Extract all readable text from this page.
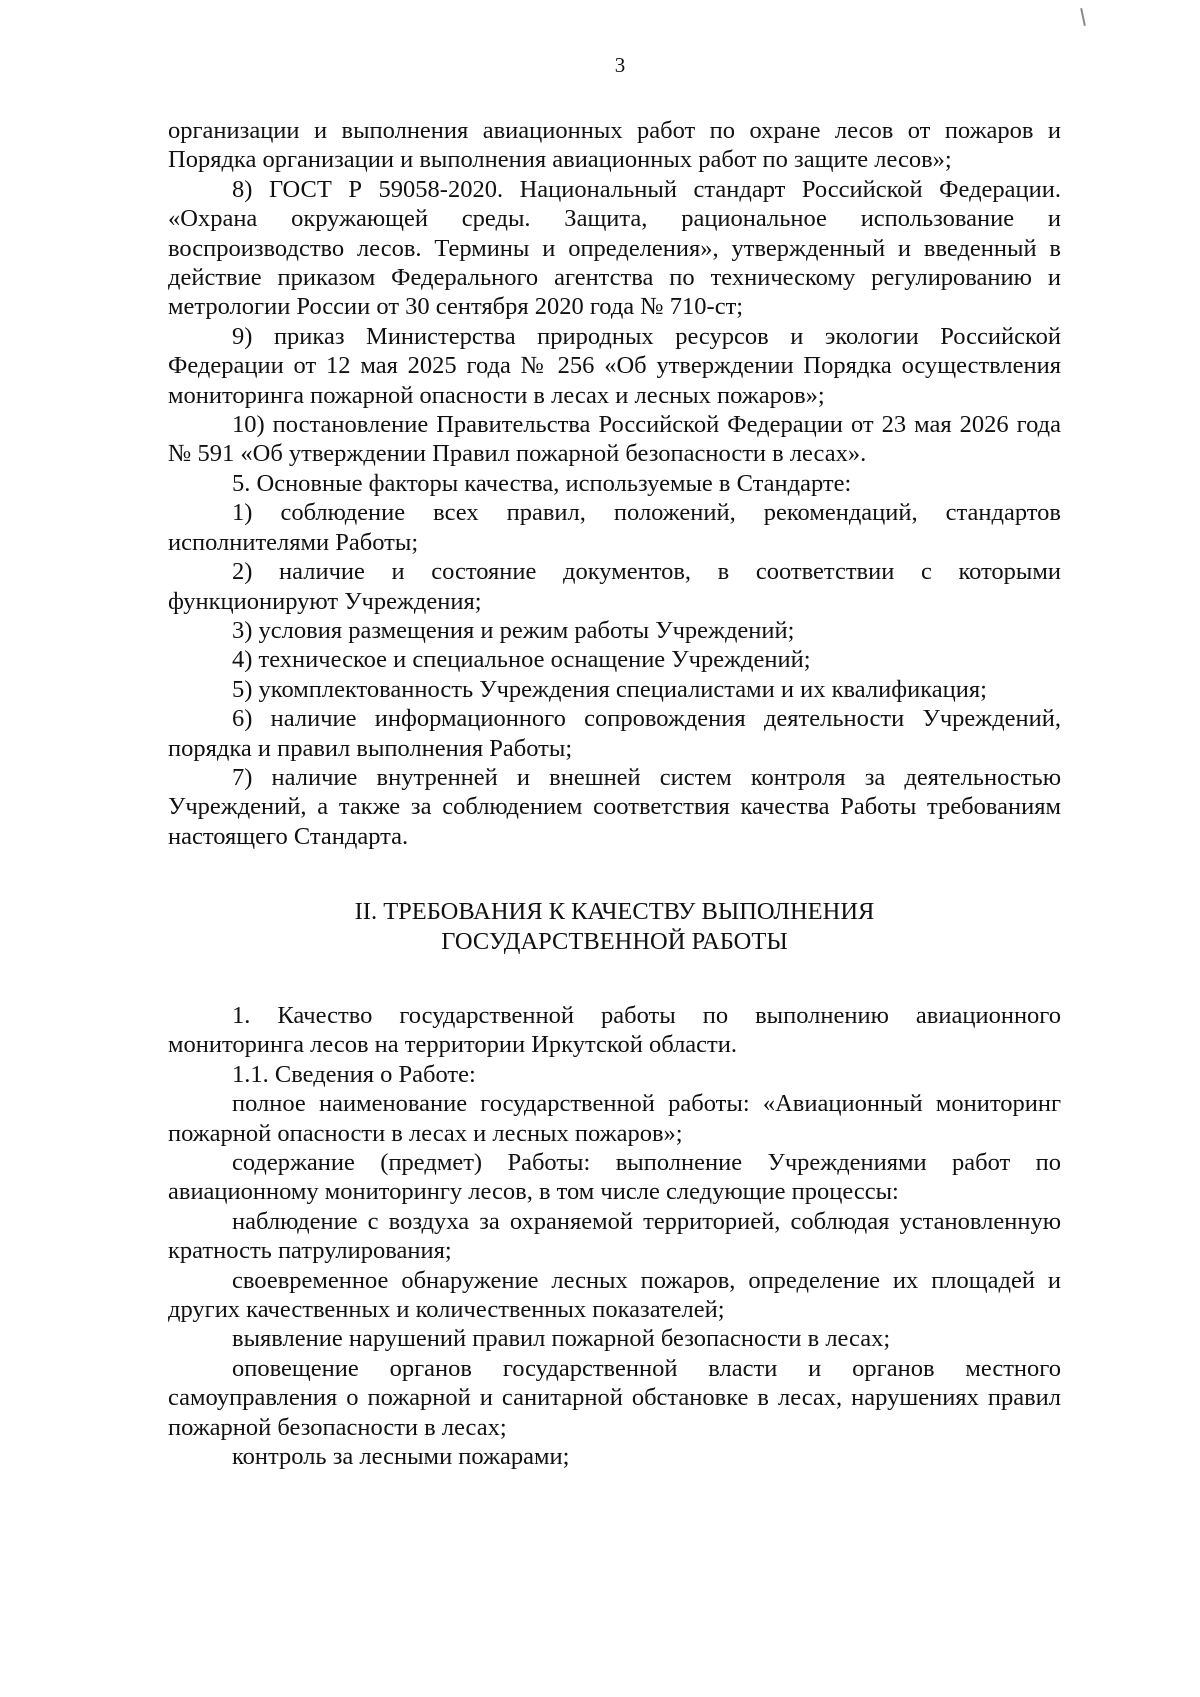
3

организации и выполнения авиационных работ по охране лесов от пожаров и Порядка организации и выполнения авиационных работ по защите лесов»;

8) ГОСТ Р 59058-2020. Национальный стандарт Российской Федерации. «Охрана окружающей среды. Защита, рациональное использование и воспроизводство лесов. Термины и определения», утвержденный и введенный в действие приказом Федерального агентства по техническому регулированию и метрологии России от 30 сентября 2020 года № 710-ст;

9) приказ Министерства природных ресурсов и экологии Российской Федерации от 12 мая 2025 года № 256 «Об утверждении Порядка осуществления мониторинга пожарной опасности в лесах и лесных пожаров»;

10) постановление Правительства Российской Федерации от 23 мая 2026 года № 591 «Об утверждении Правил пожарной безопасности в лесах».

5. Основные факторы качества, используемые в Стандарте:

1) соблюдение всех правил, положений, рекомендаций, стандартов исполнителями Работы;

2) наличие и состояние документов, в соответствии с которыми функционируют Учреждения;

3) условия размещения и режим работы Учреждений;

4) техническое и специальное оснащение Учреждений;

5) укомплектованность Учреждения специалистами и их квалификация;

6) наличие информационного сопровождения деятельности Учреждений, порядка и правил выполнения Работы;

7) наличие внутренней и внешней систем контроля за деятельностью Учреждений, а также за соблюдением соответствия качества Работы требованиям настоящего Стандарта.

II. ТРЕБОВАНИЯ К КАЧЕСТВУ ВЫПОЛНЕНИЯ
ГОСУДАРСТВЕННОЙ РАБОТЫ

1. Качество государственной работы по выполнению авиационного мониторинга лесов на территории Иркутской области.

1.1. Сведения о Работе:

полное наименование государственной работы: «Авиационный мониторинг пожарной опасности в лесах и лесных пожаров»;

содержание (предмет) Работы: выполнение Учреждениями работ по авиационному мониторингу лесов, в том числе следующие процессы:

наблюдение с воздуха за охраняемой территорией, соблюдая установленную кратность патрулирования;

своевременное обнаружение лесных пожаров, определение их площадей и других качественных и количественных показателей;

выявление нарушений правил пожарной безопасности в лесах;

оповещение органов государственной власти и органов местного самоуправления о пожарной и санитарной обстановке в лесах, нарушениях правил пожарной безопасности в лесах;

контроль за лесными пожарами;
